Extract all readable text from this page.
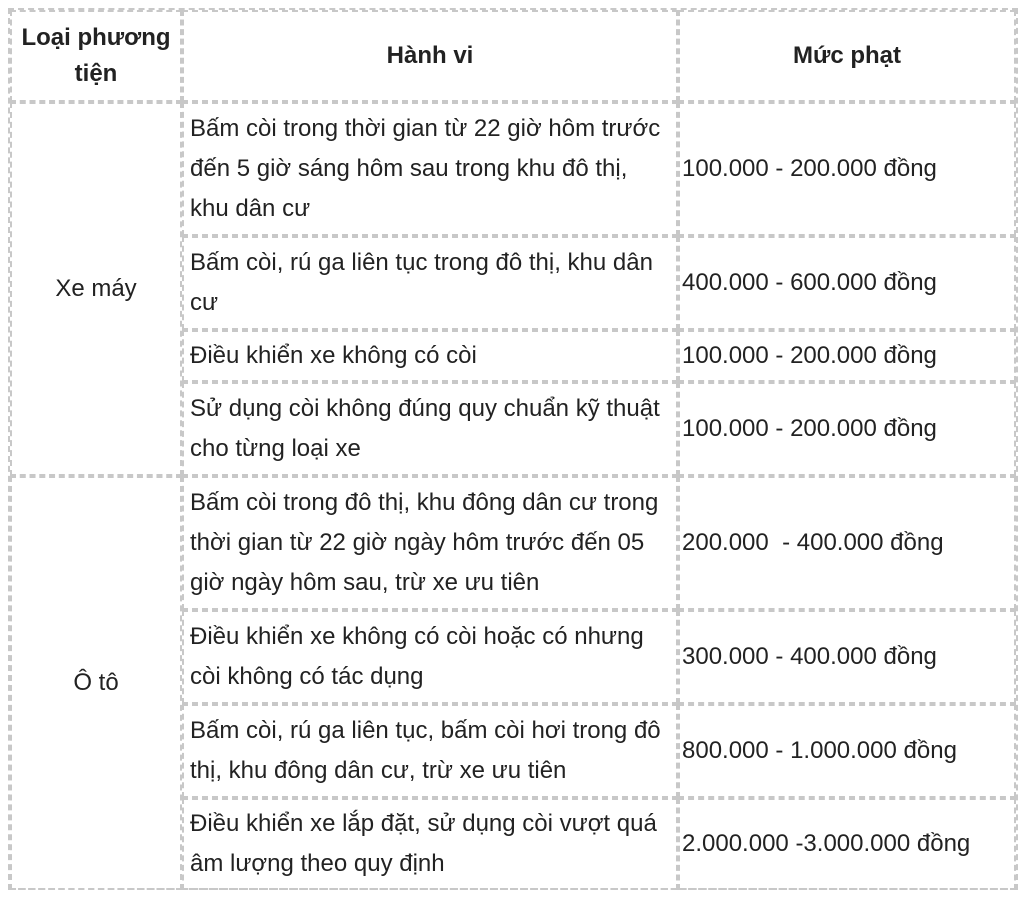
Loại phương tiện	Hành vi	Mức phạt
Xe máy	Bấm còi trong thời gian từ 22 giờ hôm trước đến 5 giờ sáng hôm sau trong khu đô thị, khu dân cư	100.000 - 200.000 đồng
	Bấm còi, rú ga liên tục trong đô thị, khu dân cư	400.000 - 600.000 đồng
	Điều khiển xe không có còi	100.000 - 200.000 đồng
	Sử dụng còi không đúng quy chuẩn kỹ thuật cho từng loại xe	100.000 - 200.000 đồng
Ô tô	Bấm còi trong đô thị, khu đông dân cư trong thời gian từ 22 giờ ngày hôm trước đến 05 giờ ngày hôm sau, trừ xe ưu tiên	200.000  - 400.000 đồng
	Điều khiển xe không có còi hoặc có nhưng còi không có tác dụng	300.000 - 400.000 đồng
	Bấm còi, rú ga liên tục, bấm còi hơi trong đô thị, khu đông dân cư, trừ xe ưu tiên	800.000 - 1.000.000 đồng
	Điều khiển xe lắp đặt, sử dụng còi vượt quá âm lượng theo quy định	2.000.000 -3.000.000 đồng
